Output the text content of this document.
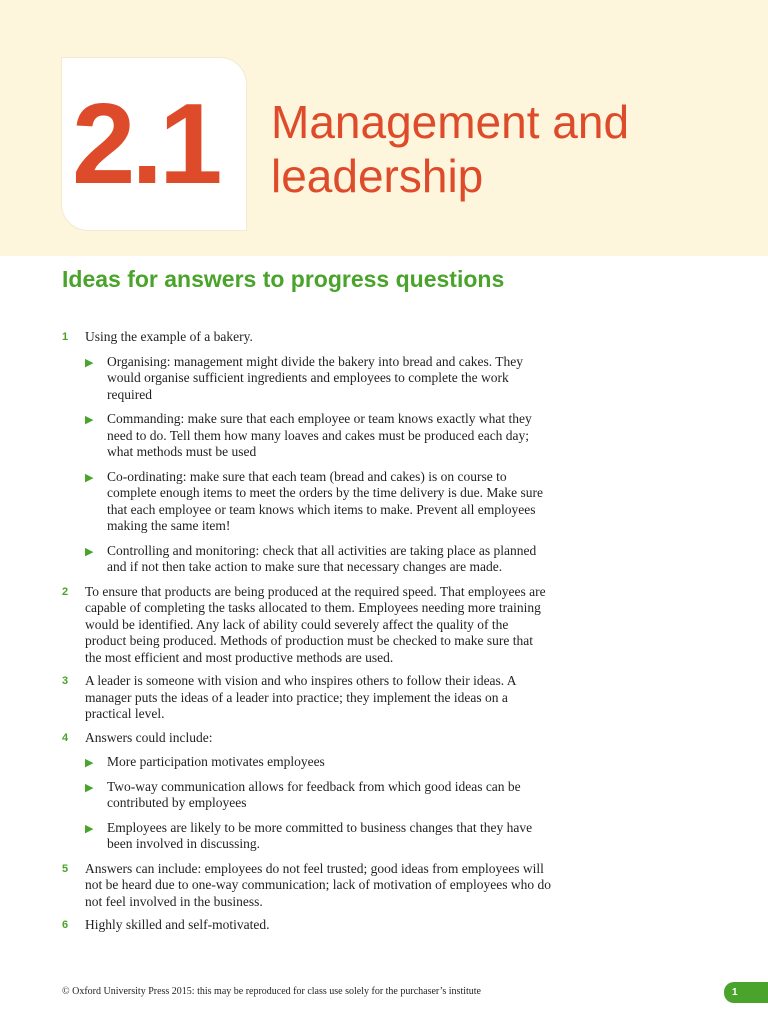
2.1 Management and
leadership
Ideas for answers to progress questions
1 Using the example of a bakery.
▶ Organising: management might divide the bakery into bread and cakes. They would organise sufficient ingredients and employees to complete the work required
▶ Commanding: make sure that each employee or team knows exactly what they need to do. Tell them how many loaves and cakes must be produced each day; what methods must be used
▶ Co-ordinating: make sure that each team (bread and cakes) is on course to complete enough items to meet the orders by the time delivery is due. Make sure that each employee or team knows which items to make. Prevent all employees making the same item!
▶ Controlling and monitoring: check that all activities are taking place as planned and if not then take action to make sure that necessary changes are made.
2 To ensure that products are being produced at the required speed. That employees are capable of completing the tasks allocated to them. Employees needing more training would be identified. Any lack of ability could severely affect the quality of the product being produced. Methods of production must be checked to make sure that the most efficient and most productive methods are used.
3 A leader is someone with vision and who inspires others to follow their ideas. A manager puts the ideas of a leader into practice; they implement the ideas on a practical level.
4 Answers could include:
▶ More participation motivates employees
▶ Two-way communication allows for feedback from which good ideas can be contributed by employees
▶ Employees are likely to be more committed to business changes that they have been involved in discussing.
5 Answers can include: employees do not feel trusted; good ideas from employees will not be heard due to one-way communication; lack of motivation of employees who do not feel involved in the business.
6 Highly skilled and self-motivated.
© Oxford University Press 2015: this may be reproduced for class use solely for the purchaser’s institute	1
